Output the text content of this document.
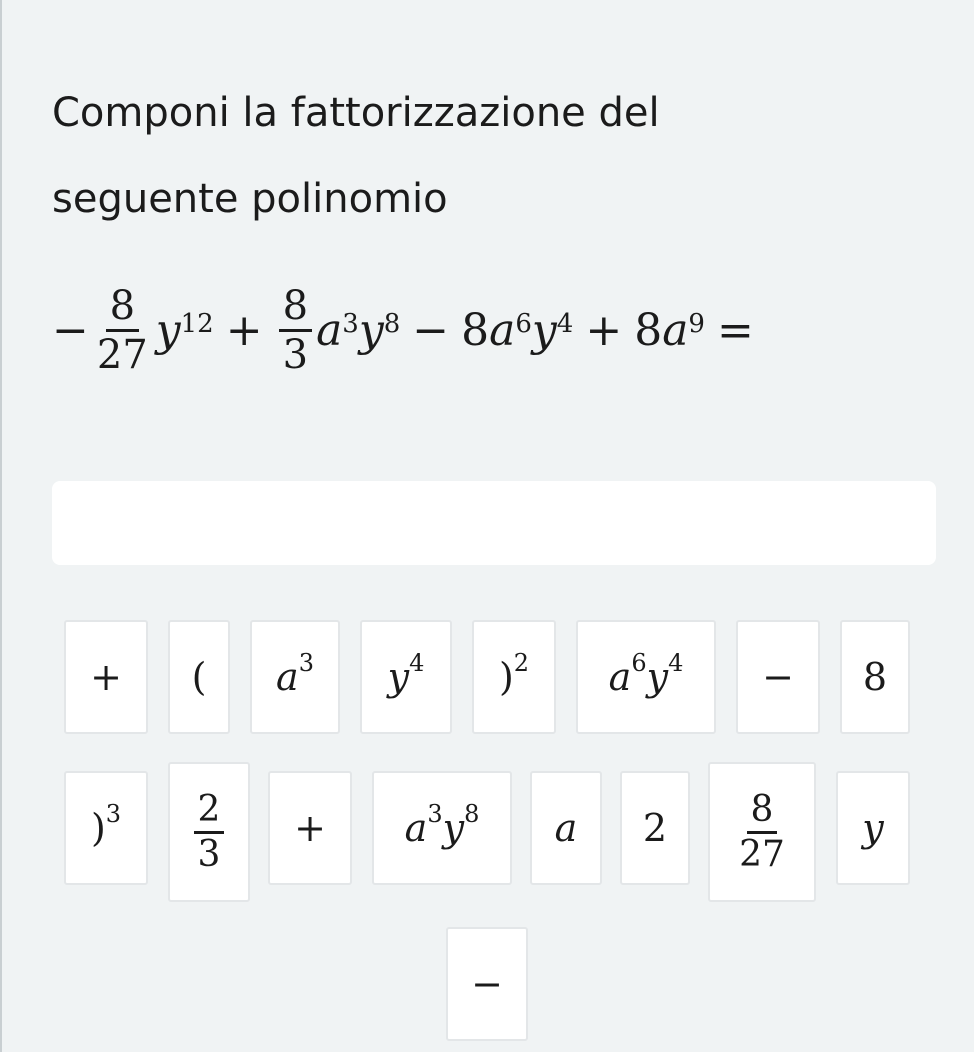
Componi la fattorizzazione del
seguente polinomio
− $\frac{8}{27} y^{12} + \frac{8}{3} a^3$ $y^8 - 8$ $a^6$ $y^4 + 8$ $a^9$ =
+ ( $a^3$ $y^4$ )$^2$ $a^6$ $y^4 - 8$
)$^3 \frac{2}{3} + a^3$ $y^8$ a $2 \frac{8}{27}$ y
−
